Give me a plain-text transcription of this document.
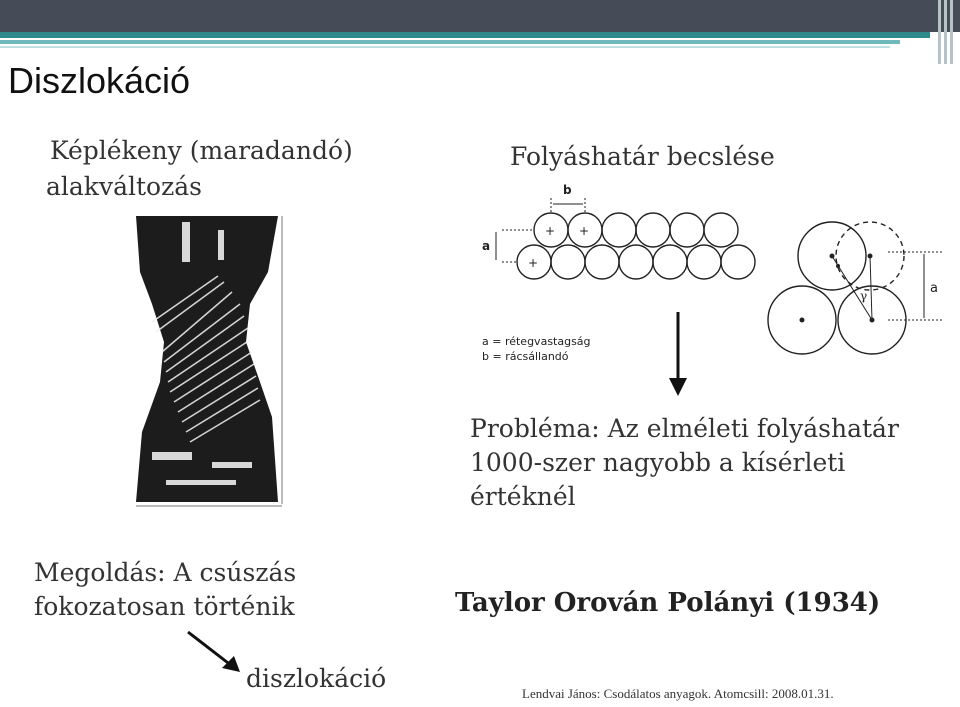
Diszlokáció
Képlékeny (maradandó)
alakváltozás
Folyáshatár becslése
b
a
a
γ
+ +
+
a = rétegvastagság
b = rácsállandó
Probléma: Az elméleti folyáshatár
1000-szer nagyobb a kísérleti
értéknél
Megoldás: A csúszás
fokozatosan történik
diszlokáció
Taylor Orován Polányi (1934)
Lendvai János: Csodálatos anyagok. Atomcsill: 2008.01.31.
